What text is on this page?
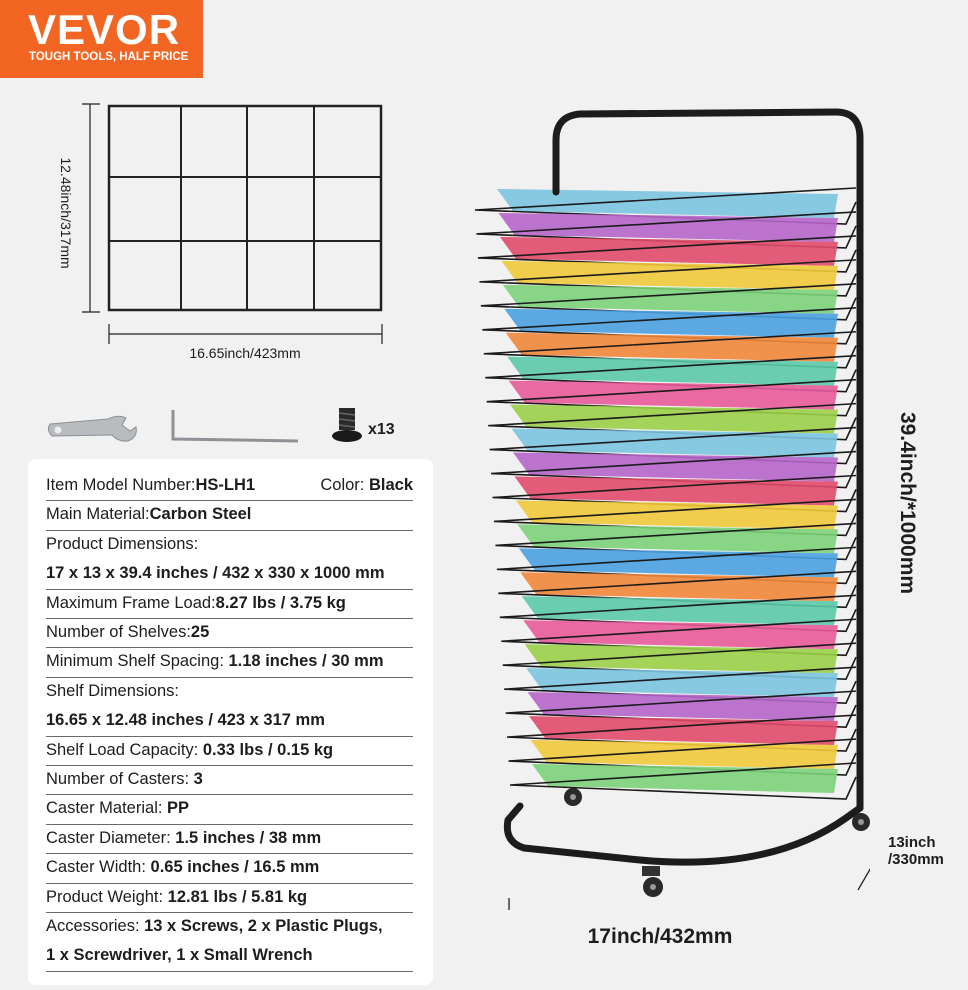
VEVOR
TOUGH TOOLS, HALF PRICE
12.48inch/317mm
16.65inch/423mm
x13
Item Model Number:HS-LH1	Color: Black
Main Material:Carbon Steel
Product Dimensions:
17 x 13 x 39.4 inches / 432 x 330 x 1000 mm
Maximum Frame Load:8.27 lbs / 3.75 kg
Number of Shelves:25
Minimum Shelf Spacing: 1.18 inches / 30 mm
Shelf Dimensions:
16.65 x 12.48 inches / 423 x 317 mm
Shelf Load Capacity: 0.33 lbs / 0.15 kg
Number of Casters: 3
Caster Material: PP
Caster Diameter: 1.5 inches / 38 mm
Caster Width: 0.65 inches / 16.5 mm
Product Weight: 12.81 lbs / 5.81 kg
Accessories: 13 x Screws, 2 x Plastic Plugs,
1 x Screwdriver, 1 x Small Wrench
39.4inch/*1000mm
13inch
/330mm
17inch/432mm
